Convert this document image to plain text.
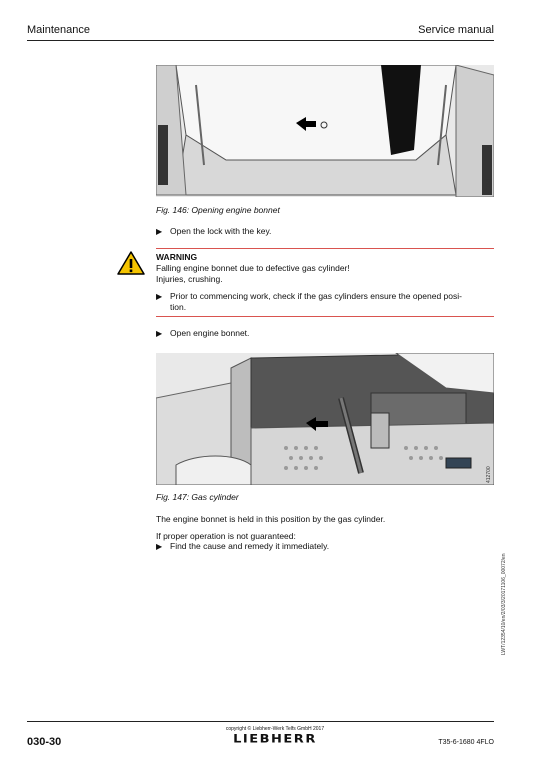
Maintenance	Service manual
411089
Fig. 146: Opening engine bonnet
▶ Open the lock with the key.
WARNING
Falling engine bonnet due to defective gas cylinder!
Injuries, crushing.
▶ Prior to commencing work, check if the gas cylinders ensure the opened posi-
tion.
▶ Open engine bonnet.
412700
Fig. 147: Gas cylinder
The engine bonnet is held in this position by the gas cylinder.
If proper operation is not guaranteed:
▶ Find the cause and remedy it immediately.
LWT/12354/10/en/2/03/3/20171106_00072/en
030-30
copyright © Liebherr-Werk Telfs GmbH 2017
LIEBHERR	T35-6-1680 4FLO
